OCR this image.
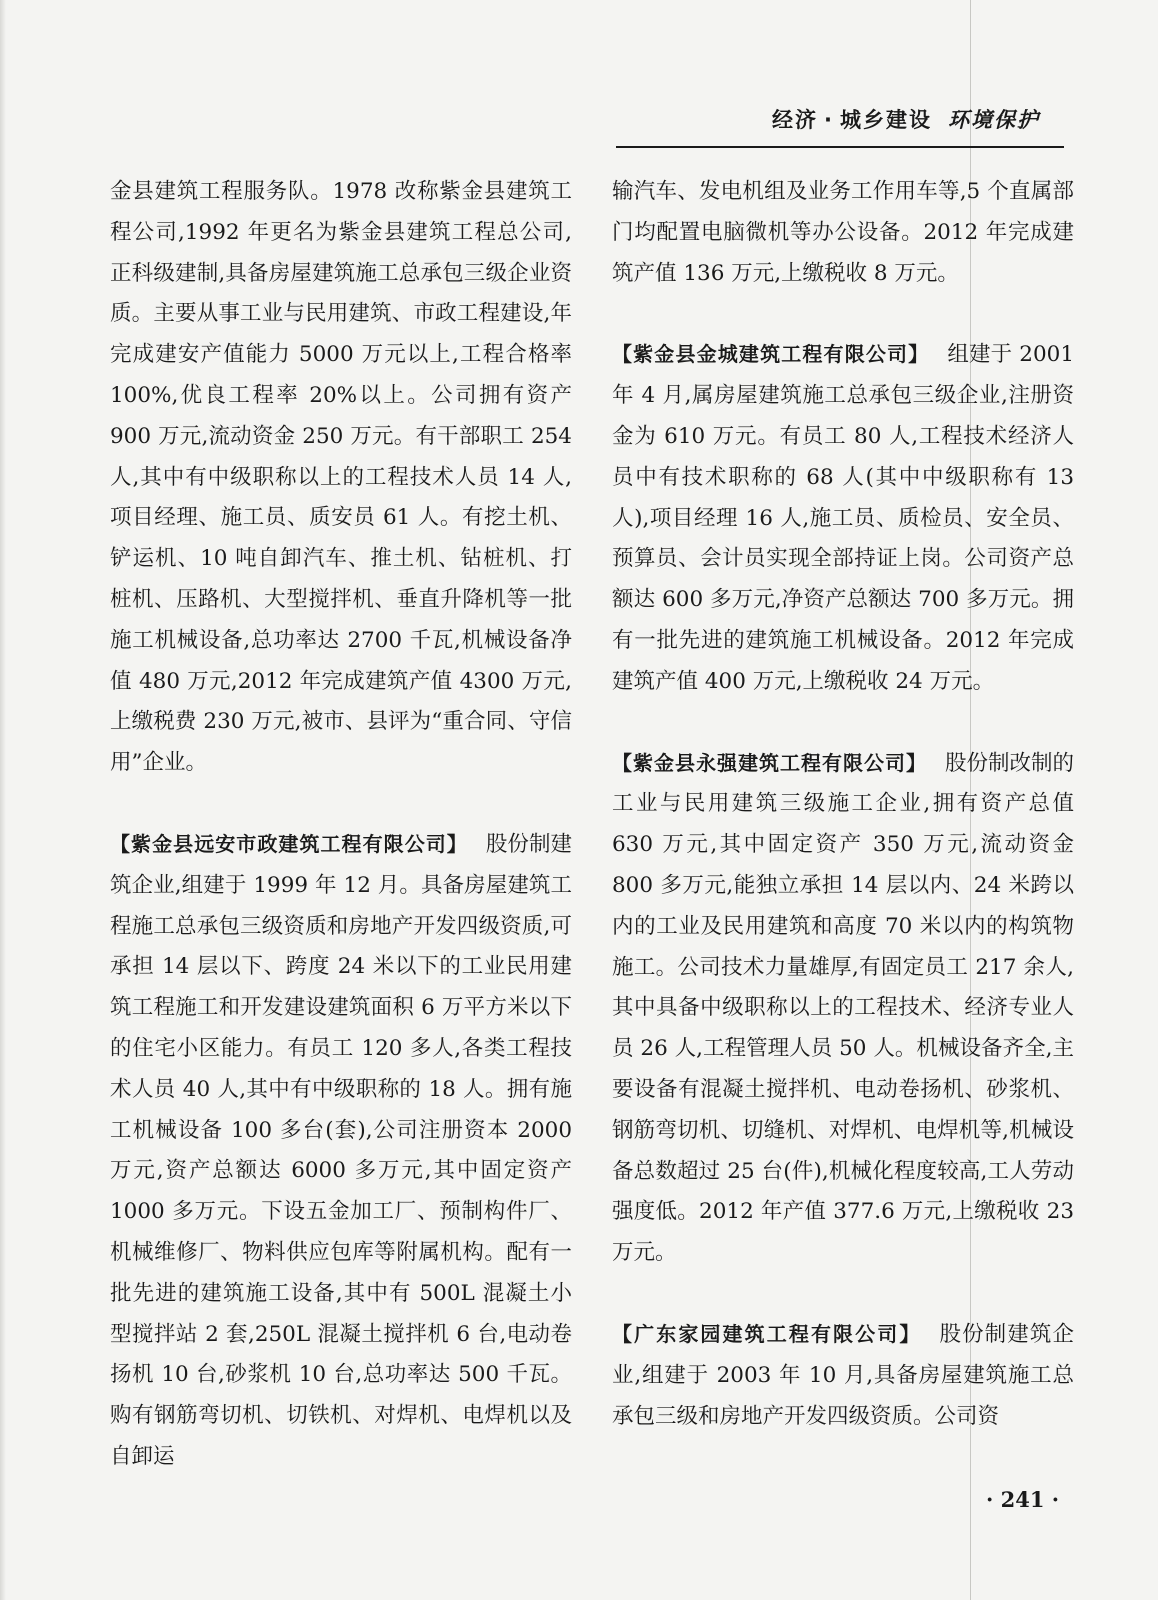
经济 · 城乡建设 环境保护

金县建筑工程服务队。1978 改称紫金县建筑工程公司,1992 年更名为紫金县建筑工程总公司,正科级建制,具备房屋建筑施工总承包三级企业资质。主要从事工业与民用建筑、市政工程建设,年完成建安产值能力 5000 万元以上,工程合格率 100%,优良工程率 20%以上。公司拥有资产 900 万元,流动资金 250 万元。有干部职工 254 人,其中有中级职称以上的工程技术人员 14 人,项目经理、施工员、质安员 61 人。有挖土机、铲运机、10 吨自卸汽车、推土机、钻桩机、打桩机、压路机、大型搅拌机、垂直升降机等一批施工机械设备,总功率达 2700 千瓦,机械设备净值 480 万元,2012 年完成建筑产值 4300 万元,上缴税费 230 万元,被市、县评为“重合同、守信用”企业。

【紫金县远安市政建筑工程有限公司】 股份制建筑企业,组建于 1999 年 12 月。具备房屋建筑工程施工总承包三级资质和房地产开发四级资质,可承担 14 层以下、跨度 24 米以下的工业民用建筑工程施工和开发建设建筑面积 6 万平方米以下的住宅小区能力。有员工 120 多人,各类工程技术人员 40 人,其中有中级职称的 18 人。拥有施工机械设备 100 多台(套),公司注册资本 2000 万元,资产总额达 6000 多万元,其中固定资产 1000 多万元。下设五金加工厂、预制构件厂、机械维修厂、物料供应包库等附属机构。配有一批先进的建筑施工设备,其中有 500L 混凝土小型搅拌站 2 套,250L 混凝土搅拌机 6 台,电动卷扬机 10 台,砂浆机 10 台,总功率达 500 千瓦。购有钢筋弯切机、切铁机、对焊机、电焊机以及自卸运

输汽车、发电机组及业务工作用车等,5 个直属部门均配置电脑微机等办公设备。2012 年完成建筑产值 136 万元,上缴税收 8 万元。

【紫金县金城建筑工程有限公司】 组建于 2001 年 4 月,属房屋建筑施工总承包三级企业,注册资金为 610 万元。有员工 80 人,工程技术经济人员中有技术职称的 68 人(其中中级职称有 13 人),项目经理 16 人,施工员、质检员、安全员、预算员、会计员实现全部持证上岗。公司资产总额达 600 多万元,净资产总额达 700 多万元。拥有一批先进的建筑施工机械设备。2012 年完成建筑产值 400 万元,上缴税收 24 万元。

【紫金县永强建筑工程有限公司】 股份制改制的工业与民用建筑三级施工企业,拥有资产总值 630 万元,其中固定资产 350 万元,流动资金 800 多万元,能独立承担 14 层以内、24 米跨以内的工业及民用建筑和高度 70 米以内的构筑物施工。公司技术力量雄厚,有固定员工 217 余人,其中具备中级职称以上的工程技术、经济专业人员 26 人,工程管理人员 50 人。机械设备齐全,主要设备有混凝土搅拌机、电动卷扬机、砂浆机、钢筋弯切机、切缝机、对焊机、电焊机等,机械设备总数超过 25 台(件),机械化程度较高,工人劳动强度低。2012 年产值 377.6 万元,上缴税收 23 万元。

【广东家园建筑工程有限公司】 股份制建筑企业,组建于 2003 年 10 月,具备房屋建筑施工总承包三级和房地产开发四级资质。公司资

· 241 ·
